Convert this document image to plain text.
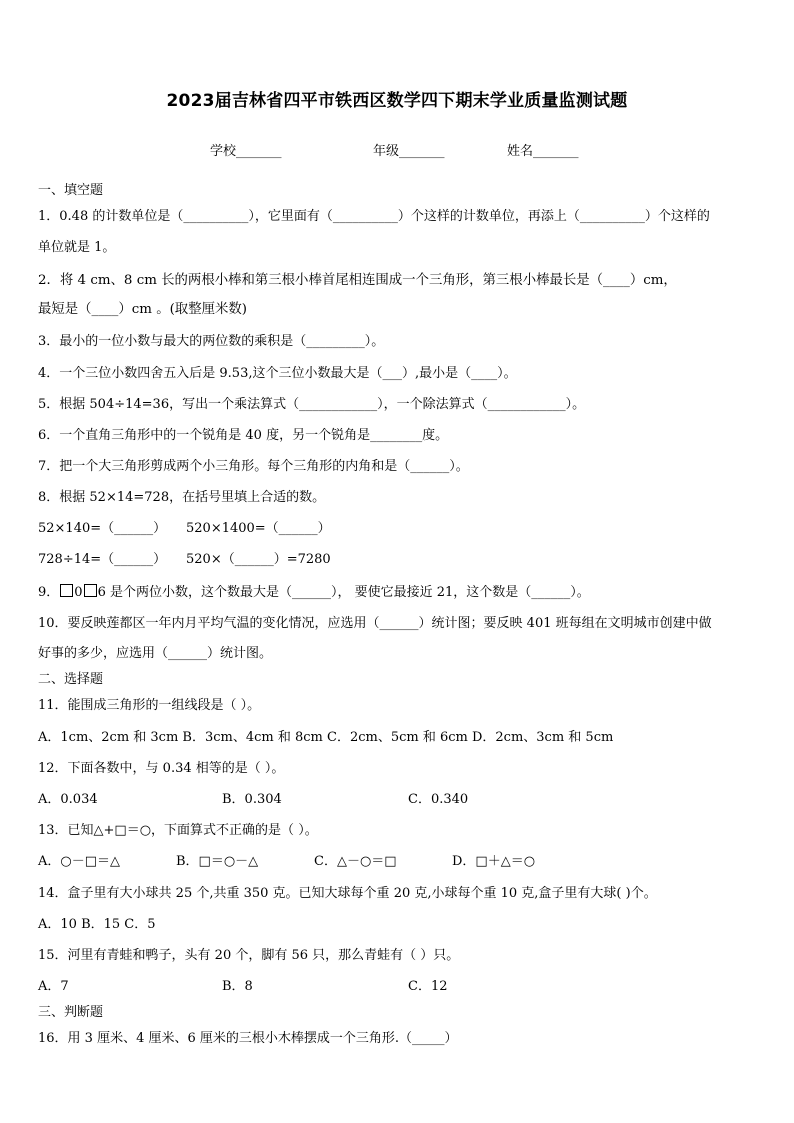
2023届吉林省四平市铁西区数学四下期末学业质量监测试题
学校_______	年级_______	姓名_______
一、填空题
1．0.48 的计数单位是（__________），它里面有（__________）个这样的计数单位，再添上（__________）个这样的
单位就是 1。
2．将 4 cm、8 cm 长的两根小棒和第三根小棒首尾相连围成一个三角形，第三根小棒最长是（____）cm，
最短是（____）cm 。(取整厘米数)
3．最小的一位小数与最大的两位数的乘积是（_________）。
4．一个三位小数四舍五入后是 9.53,这个三位小数最大是（___）,最小是（____）。
5．根据 504÷14=36，写出一个乘法算式（____________），一个除法算式（____________）。
6．一个直角三角形中的一个锐角是 40 度，另一个锐角是________度。
7．把一个大三角形剪成两个小三角形。每个三角形的内角和是（______）。
8．根据 52×14=728，在括号里填上合适的数。
52×140=（______） 520×1400=（______）
728÷14=（______） 520×（______）=7280
9． 0 6 是个两位小数，这个数最大是（______）， 要使它最接近 21，这个数是（______）。
10．要反映莲都区一年内月平均气温的变化情况，应选用（______）统计图；要反映 401 班每组在文明城市创建中做
好事的多少，应选用（______）统计图。
二、选择题
11．能围成三角形的一组线段是（ ）。
A．1cm、2cm 和 3cm B．3cm、4cm 和 8cm C．2cm、5cm 和 6cm D．2cm、3cm 和 5cm
12．下面各数中，与 0.34 相等的是（ ）。
A．0.034	B．0.304	C．0.340
13．已知△+□＝○，下面算式不正确的是（ ）。
A．○－□＝△	B．□＝○－△	C．△－○＝□	D．□＋△＝○
14．盒子里有大小球共 25 个,共重 350 克。已知大球每个重 20 克,小球每个重 10 克,盒子里有大球( )个。
A．10 B．15 C．5
15．河里有青蛙和鸭子，头有 20 个，脚有 56 只，那么青蛙有（ ）只。
A．7	B．8	C．12
三、判断题
16．用 3 厘米、4 厘米、6 厘米的三根小木棒摆成一个三角形.（_____）
